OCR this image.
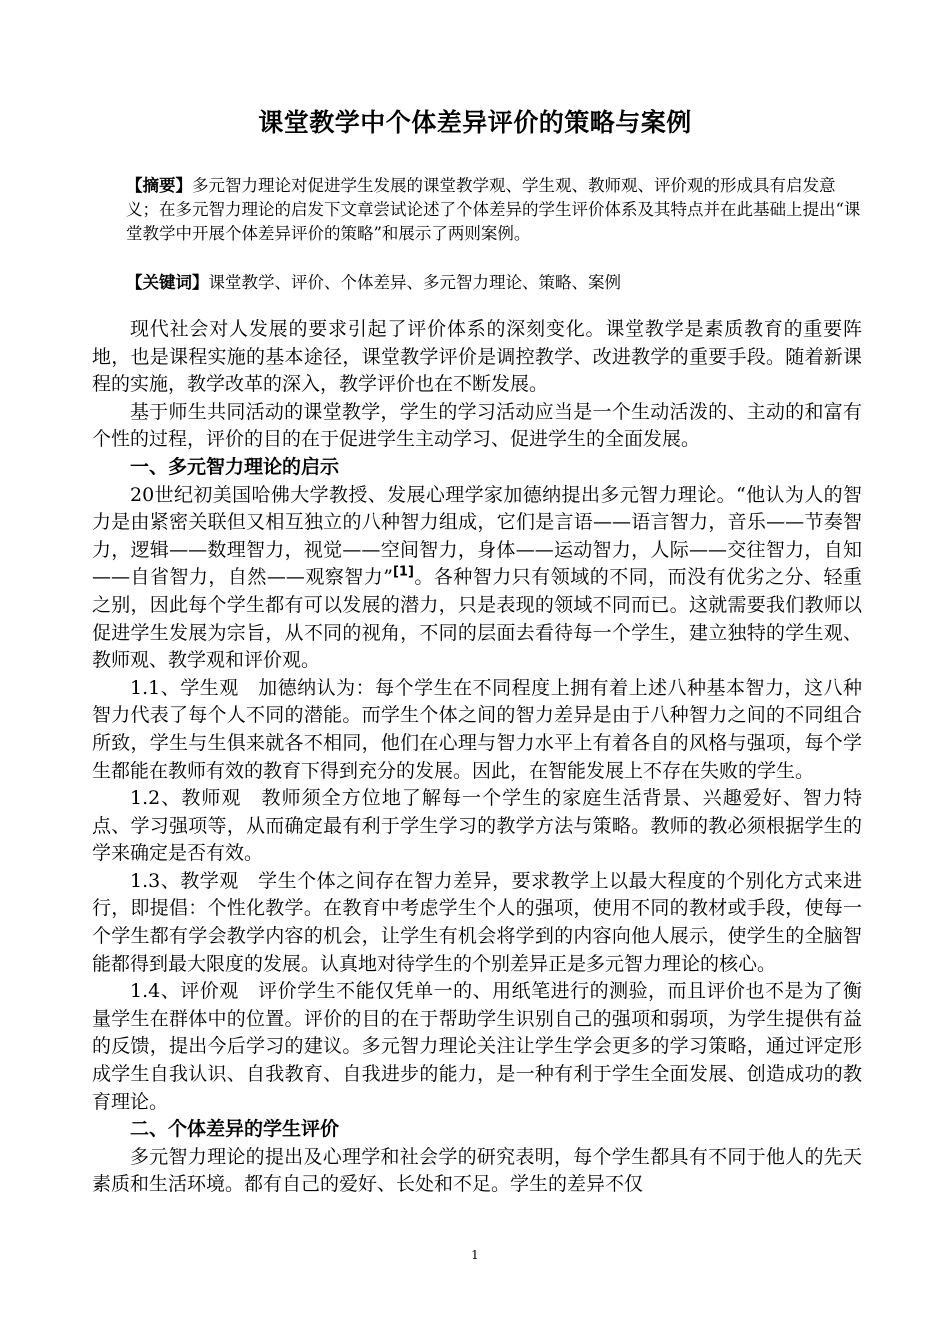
课堂教学中个体差异评价的策略与案例
【摘要】多元智力理论对促进学生发展的课堂教学观、学生观、教师观、评价观的形成具有启发意义；在多元智力理论的启发下文章尝试论述了个体差异的学生评价体系及其特点并在此基础上提出“课堂教学中开展个体差异评价的策略”和展示了两则案例。
【关键词】课堂教学、评价、个体差异、多元智力理论、策略、案例

现代社会对人发展的要求引起了评价体系的深刻变化。课堂教学是素质教育的重要阵地，也是课程实施的基本途径，课堂教学评价是调控教学、改进教学的重要手段。随着新课程的实施，教学改革的深入，教学评价也在不断发展。

基于师生共同活动的课堂教学，学生的学习活动应当是一个生动活泼的、主动的和富有个性的过程，评价的目的在于促进学生主动学习、促进学生的全面发展。

一、多元智力理论的启示

20世纪初美国哈佛大学教授、发展心理学家加德纳提出多元智力理论。“他认为人的智力是由紧密关联但又相互独立的八种智力组成，它们是言语——语言智力，音乐——节奏智力，逻辑——数理智力，视觉——空间智力，身体——运动智力，人际——交往智力，自知——自省智力，自然——观察智力”[1]。各种智力只有领域的不同，而没有优劣之分、轻重之别，因此每个学生都有可以发展的潜力，只是表现的领域不同而已。这就需要我们教师以促进学生发展为宗旨，从不同的视角，不同的层面去看待每一个学生，建立独特的学生观、教师观、教学观和评价观。

1.1、学生观　加德纳认为：每个学生在不同程度上拥有着上述八种基本智力，这八种智力代表了每个人不同的潜能。而学生个体之间的智力差异是由于八种智力之间的不同组合所致，学生与生俱来就各不相同，他们在心理与智力水平上有着各自的风格与强项，每个学生都能在教师有效的教育下得到充分的发展。因此，在智能发展上不存在失败的学生。

1.2、教师观　教师须全方位地了解每一个学生的家庭生活背景、兴趣爱好、智力特点、学习强项等，从而确定最有利于学生学习的教学方法与策略。教师的教必须根据学生的学来确定是否有效。

1.3、教学观　学生个体之间存在智力差异，要求教学上以最大程度的个别化方式来进行，即提倡：个性化教学。在教育中考虑学生个人的强项，使用不同的教材或手段，使每一个学生都有学会教学内容的机会，让学生有机会将学到的内容向他人展示，使学生的全脑智能都得到最大限度的发展。认真地对待学生的个别差异正是多元智力理论的核心。

1.4、评价观　评价学生不能仅凭单一的、用纸笔进行的测验，而且评价也不是为了衡量学生在群体中的位置。评价的目的在于帮助学生识别自己的强项和弱项，为学生提供有益的反馈，提出今后学习的建议。多元智力理论关注让学生学会更多的学习策略，通过评定形成学生自我认识、自我教育、自我进步的能力，是一种有利于学生全面发展、创造成功的教育理论。

二、个体差异的学生评价

多元智力理论的提出及心理学和社会学的研究表明，每个学生都具有不同于他人的先天素质和生活环境。都有自己的爱好、长处和不足。学生的差异不仅

1
